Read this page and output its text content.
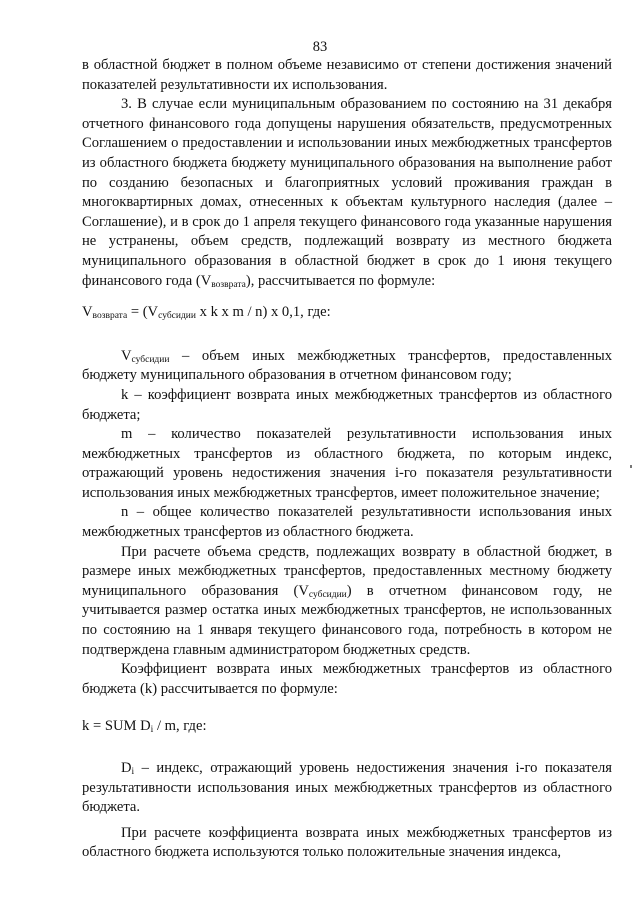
83

в областной бюджет в полном объеме независимо от степени достижения значений показателей результативности их использования.

3. В случае если муниципальным образованием по состоянию на 31 декабря отчетного финансового года допущены нарушения обязательств, предусмотренных Соглашением о предоставлении и использовании иных межбюджетных трансфертов из областного бюджета бюджету муниципального образования на выполнение работ по созданию безопасных и благоприятных условий проживания граждан в многоквартирных домах, отнесенных к объектам культурного наследия (далее – Соглашение), и в срок до 1 апреля текущего финансового года указанные нарушения не устранены, объем средств, подлежащий возврату из местного бюджета муниципального образования в областной бюджет в срок до 1 июня текущего финансового года $(V_{возврата})$, рассчитывается по формуле:

$V_{возврата} = (V_{субсидии}$ x k x m / n) x 0,1, где:

$V_{субсидии}$ – объем иных межбюджетных трансфертов, предоставленных бюджету муниципального образования в отчетном финансовом году;

k – коэффициент возврата иных межбюджетных трансфертов из областного бюджета;

m – количество показателей результативности использования иных межбюджетных трансфертов из областного бюджета, по которым индекс, отражающий уровень недостижения значения i-го показателя результативности использования иных межбюджетных трансфертов, имеет положительное значение;

n – общее количество показателей результативности использования иных межбюджетных трансфертов из областного бюджета.

При расчете объема средств, подлежащих возврату в областной бюджет, в размере иных межбюджетных трансфертов, предоставленных местному бюджету муниципального образования $(V_{субсидии})$ в отчетном финансовом году, не учитывается размер остатка иных межбюджетных трансфертов, не использованных по состоянию на 1 января текущего финансового года, потребность в котором не подтверждена главным администратором бюджетных средств.

Коэффициент возврата иных межбюджетных трансфертов из областного бюджета (k) рассчитывается по формуле:

k = SUM $D_i$ / m, где:

$D_i$ – индекс, отражающий уровень недостижения значения i-го показателя результативности использования иных межбюджетных трансфертов из областного бюджета.

При расчете коэффициента возврата иных межбюджетных трансфертов из областного бюджета используются только положительные значения индекса,
